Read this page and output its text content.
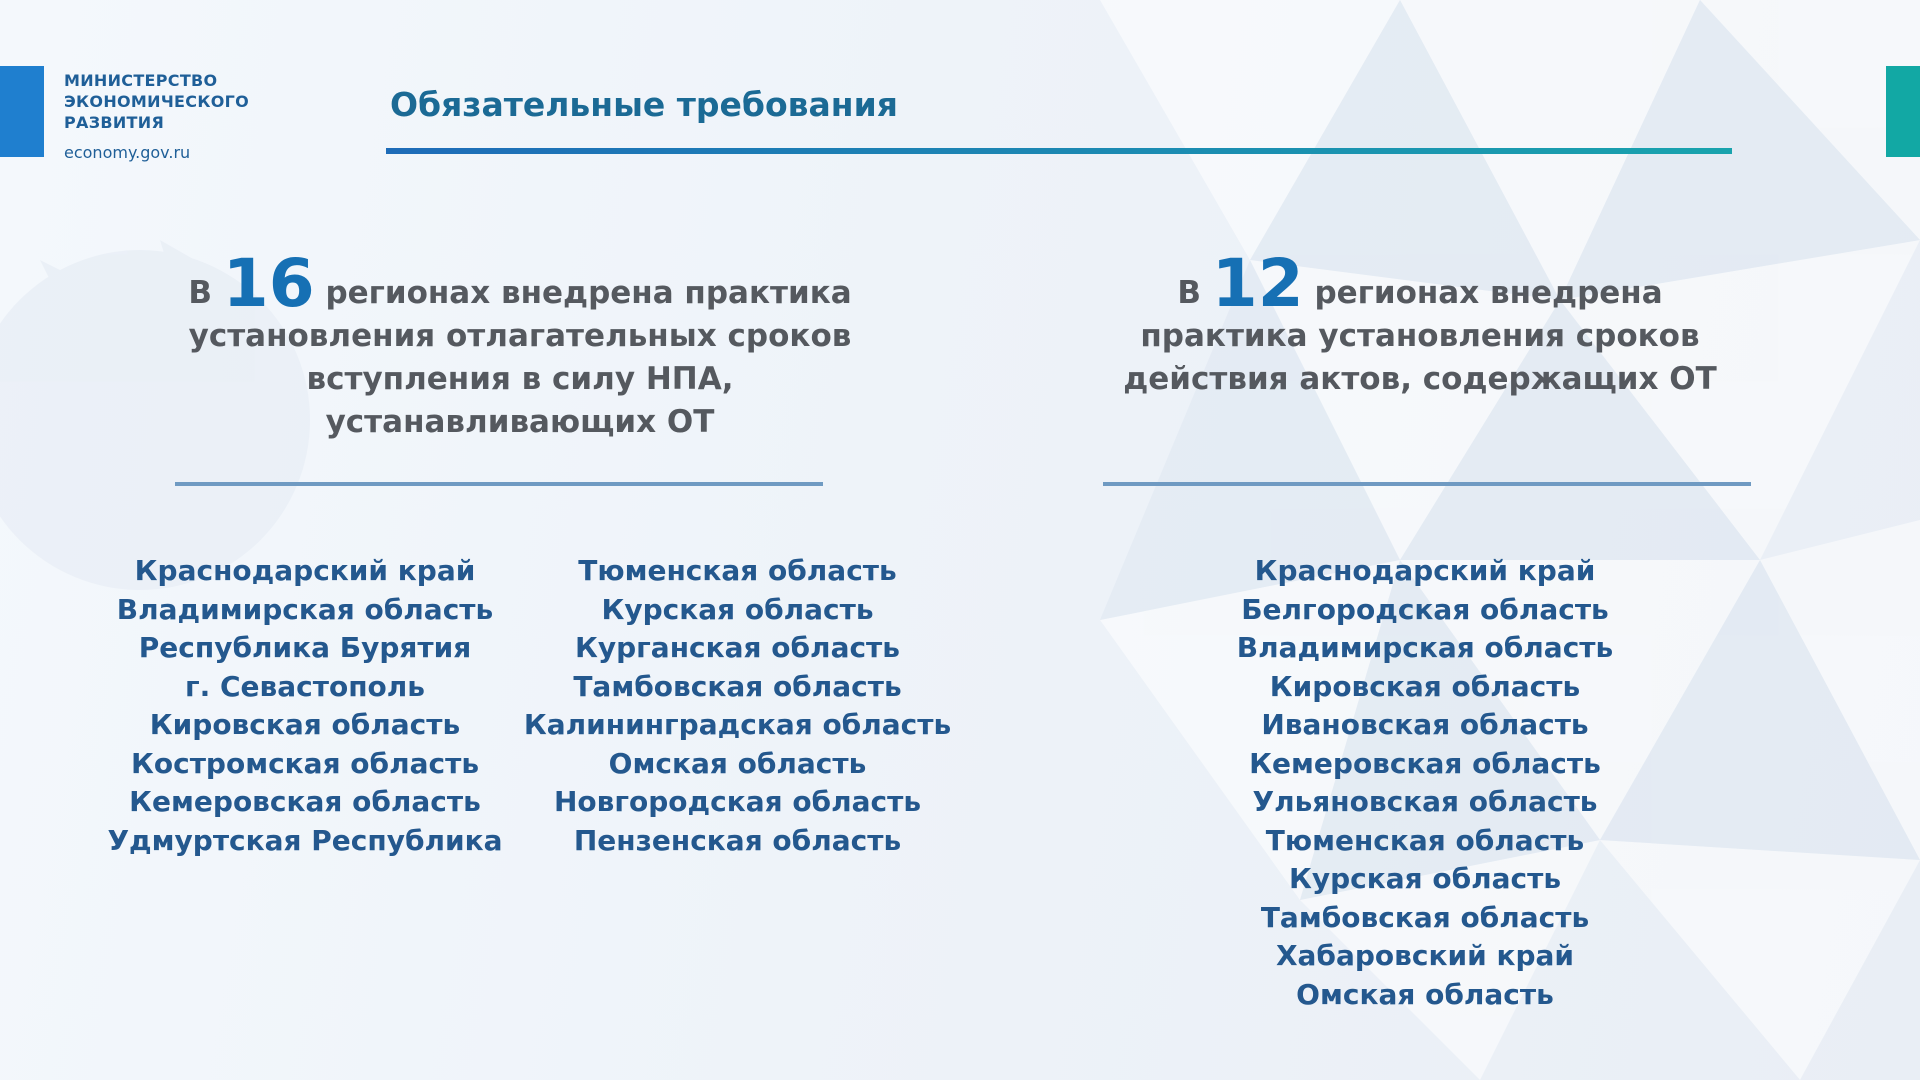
МИНИСТЕРСТВО
ЭКОНОМИЧЕСКОГО
РАЗВИТИЯ
economy.gov.ru
Обязательные требования
В 16 регионах внедрена практика
установления отлагательных сроков
вступления в силу НПА,
устанавливающих ОТ
Краснодарский край
Владимирская область
Республика Бурятия
г. Севастополь
Кировская область
Костромская область
Кемеровская область
Удмуртская Республика
Тюменская область
Курская область
Курганская область
Тамбовская область
Калининградская область
Омская область
Новгородская область
Пензенская область
В 12 регионах внедрена
практика установления сроков
действия актов, содержащих ОТ
Краснодарский край
Белгородская область
Владимирская область
Кировская область
Ивановская область
Кемеровская область
Ульяновская область
Тюменская область
Курская область
Тамбовская область
Хабаровский край
Омская область
